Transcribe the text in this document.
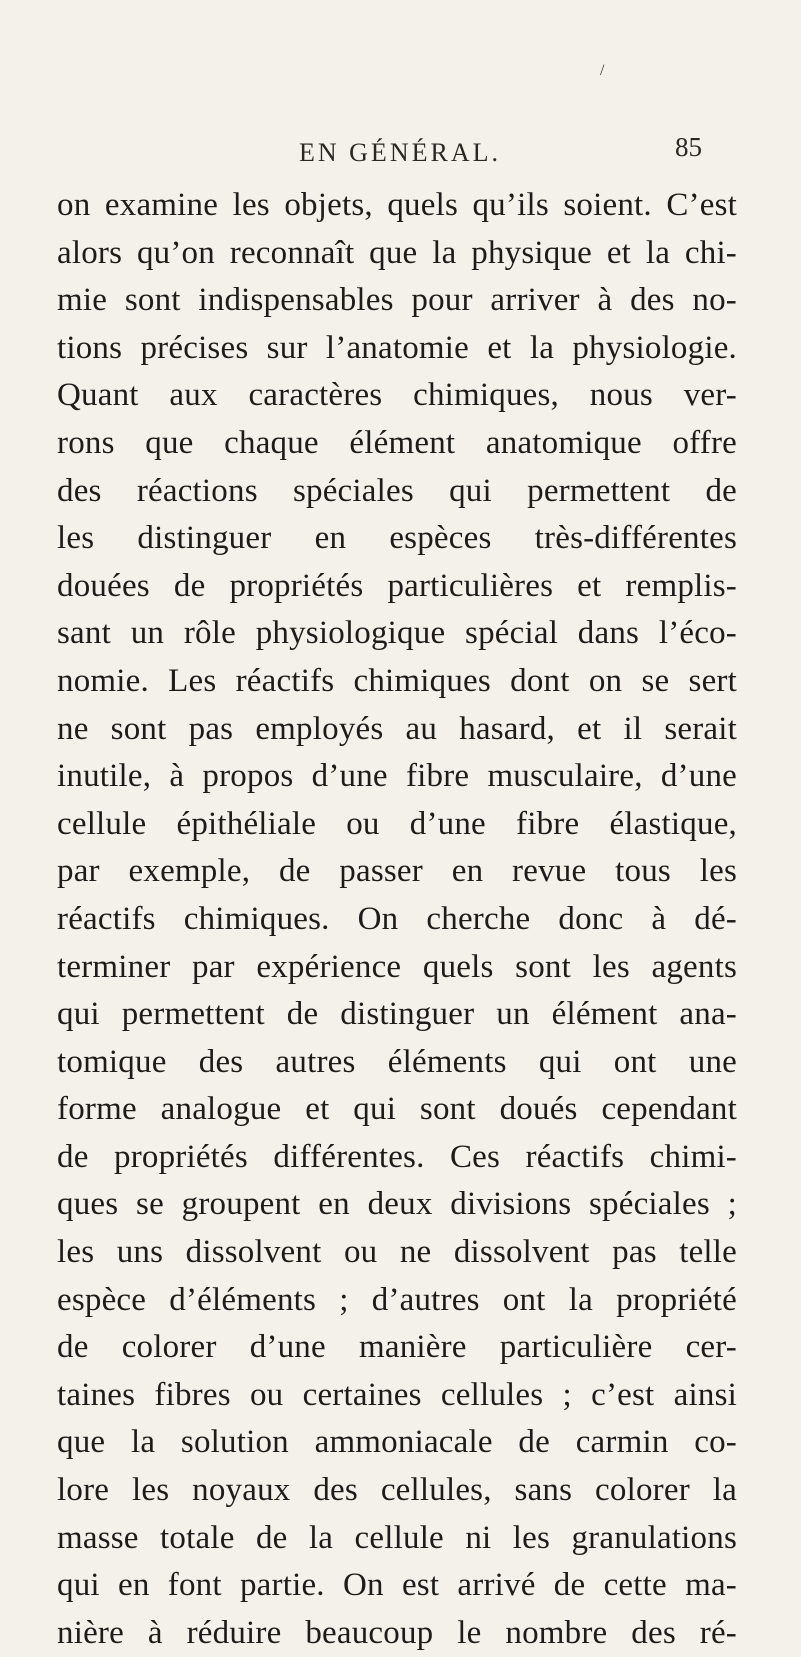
/
EN GÉNÉRAL.	85
on examine les objets, quels qu’ils soient. C’est
alors qu’on reconnaît que la physique et la chi-
mie sont indispensables pour arriver à des no-
tions précises sur l’anatomie et la physiologie.
Quant aux caractères chimiques, nous ver-
rons que chaque élément anatomique offre
des réactions spéciales qui permettent de
les distinguer en espèces très-différentes
douées de propriétés particulières et remplis-
sant un rôle physiologique spécial dans l’éco-
nomie. Les réactifs chimiques dont on se sert
ne sont pas employés au hasard, et il serait
inutile, à propos d’une fibre musculaire, d’une
cellule épithéliale ou d’une fibre élastique,
par exemple, de passer en revue tous les
réactifs chimiques. On cherche donc à dé-
terminer par expérience quels sont les agents
qui permettent de distinguer un élément ana-
tomique des autres éléments qui ont une
forme analogue et qui sont doués cependant
de propriétés différentes. Ces réactifs chimi-
ques se groupent en deux divisions spéciales ;
les uns dissolvent ou ne dissolvent pas telle
espèce d’éléments ; d’autres ont la propriété
de colorer d’une manière particulière cer-
taines fibres ou certaines cellules ; c’est ainsi
que la solution ammoniacale de carmin co-
lore les noyaux des cellules, sans colorer la
masse totale de la cellule ni les granulations
qui en font partie. On est arrivé de cette ma-
nière à réduire beaucoup le nombre des ré-
